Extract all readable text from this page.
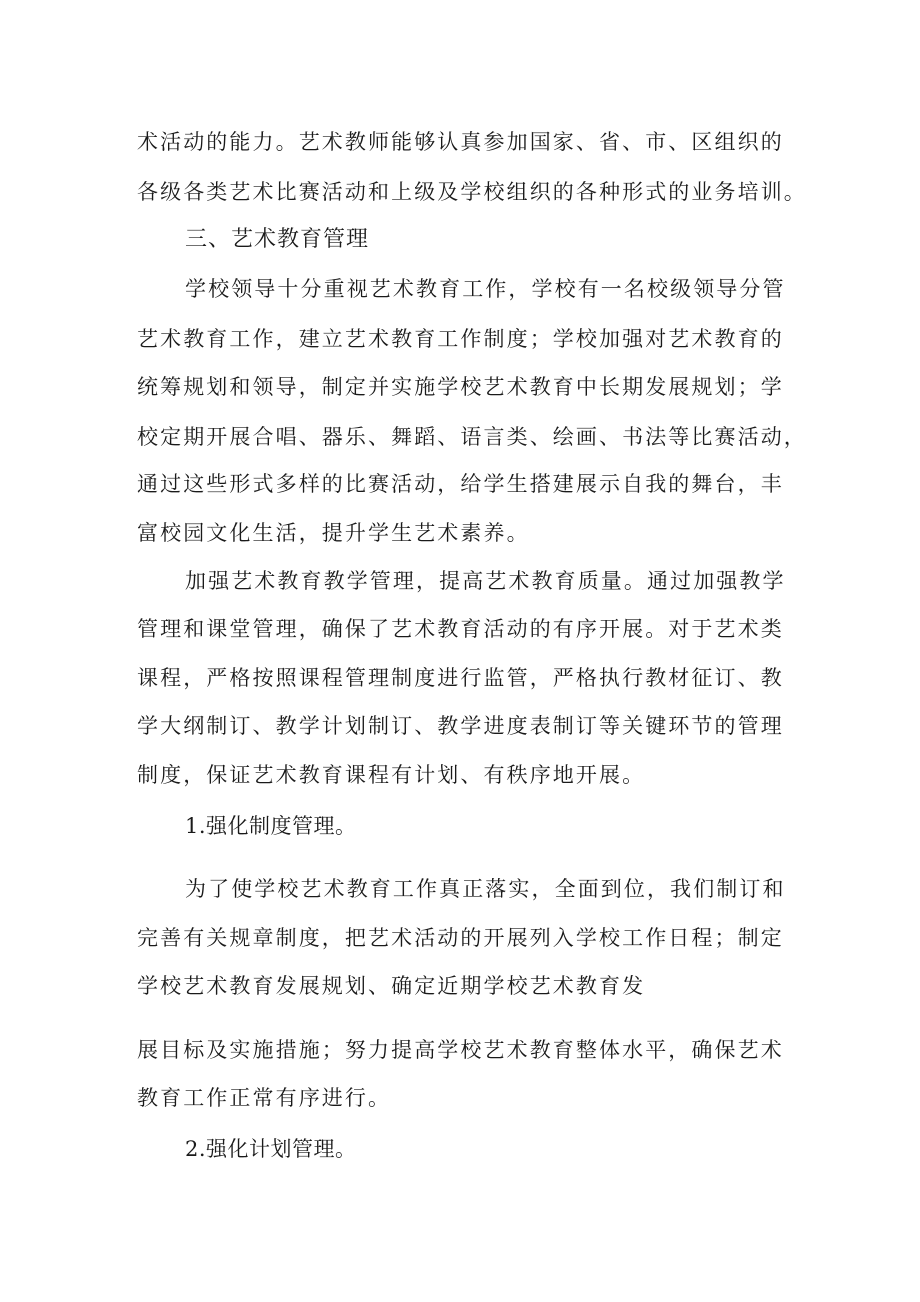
术活动的能力。艺术教师能够认真参加国家、省、市、区组织的
各级各类艺术比赛活动和上级及学校组织的各种形式的业务培训。
三、艺术教育管理
学校领导十分重视艺术教育工作，学校有一名校级领导分管
艺术教育工作，建立艺术教育工作制度；学校加强对艺术教育的
统筹规划和领导，制定并实施学校艺术教育中长期发展规划；学
校定期开展合唱、器乐、舞蹈、语言类、绘画、书法等比赛活动，
通过这些形式多样的比赛活动，给学生搭建展示自我的舞台，丰
富校园文化生活，提升学生艺术素养。
加强艺术教育教学管理，提高艺术教育质量。通过加强教学
管理和课堂管理，确保了艺术教育活动的有序开展。对于艺术类
课程，严格按照课程管理制度进行监管，严格执行教材征订、教
学大纲制订、教学计划制订、教学进度表制订等关键环节的管理
制度，保证艺术教育课程有计划、有秩序地开展。
1.强化制度管理。
为了使学校艺术教育工作真正落实，全面到位，我们制订和
完善有关规章制度，把艺术活动的开展列入学校工作日程；制定
学校艺术教育发展规划、确定近期学校艺术教育发
展目标及实施措施；努力提高学校艺术教育整体水平，确保艺术
教育工作正常有序进行。
2.强化计划管理。
